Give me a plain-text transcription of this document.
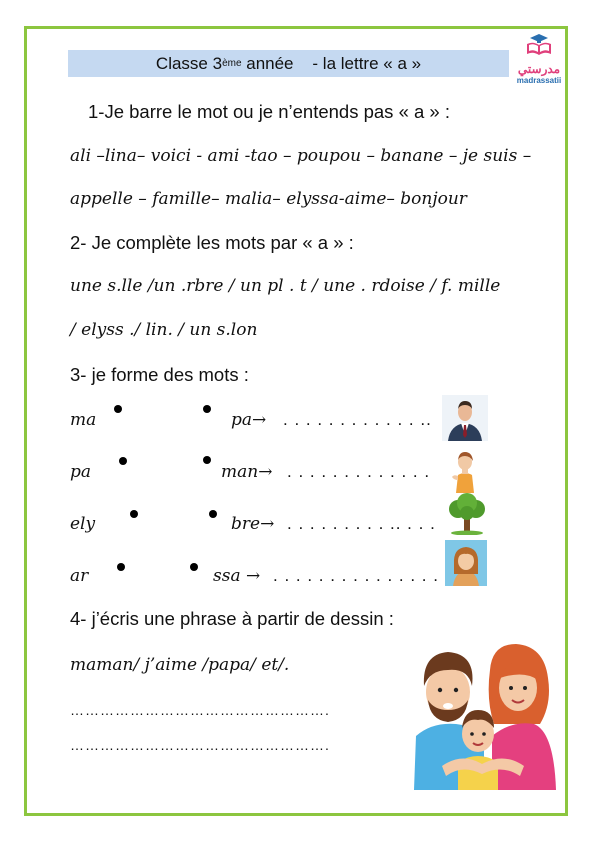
Classe 3 ème année    - la lettre « a »	مدرستي
madrassatii
1-Je barre le mot ou je n’entends pas « a » :
ali –lina– voici - ami -tao – poupou – banane – je suis –
appelle – famille– malia– elyssa-aime– bonjour
2- Je complète les mots par « a » :
une s.lle /un .rbre / un pl . t / une . rdoise / f. mille
/ elyss ./ lin. / un s.lon
3- je forme des mots :
ma	pa→ . . . . . . . . . . . . ..
pa	man→ . . . . . . . . . . . . .
ely	bre→ . . . . . . . . . .. . . .
ar	ssa → . . . . . . . . . . . . . . .
4- j’écris une phrase à partir de dessin :
maman/ j’aime /papa/ et/.
…………………………………………….
…………………………………………….
